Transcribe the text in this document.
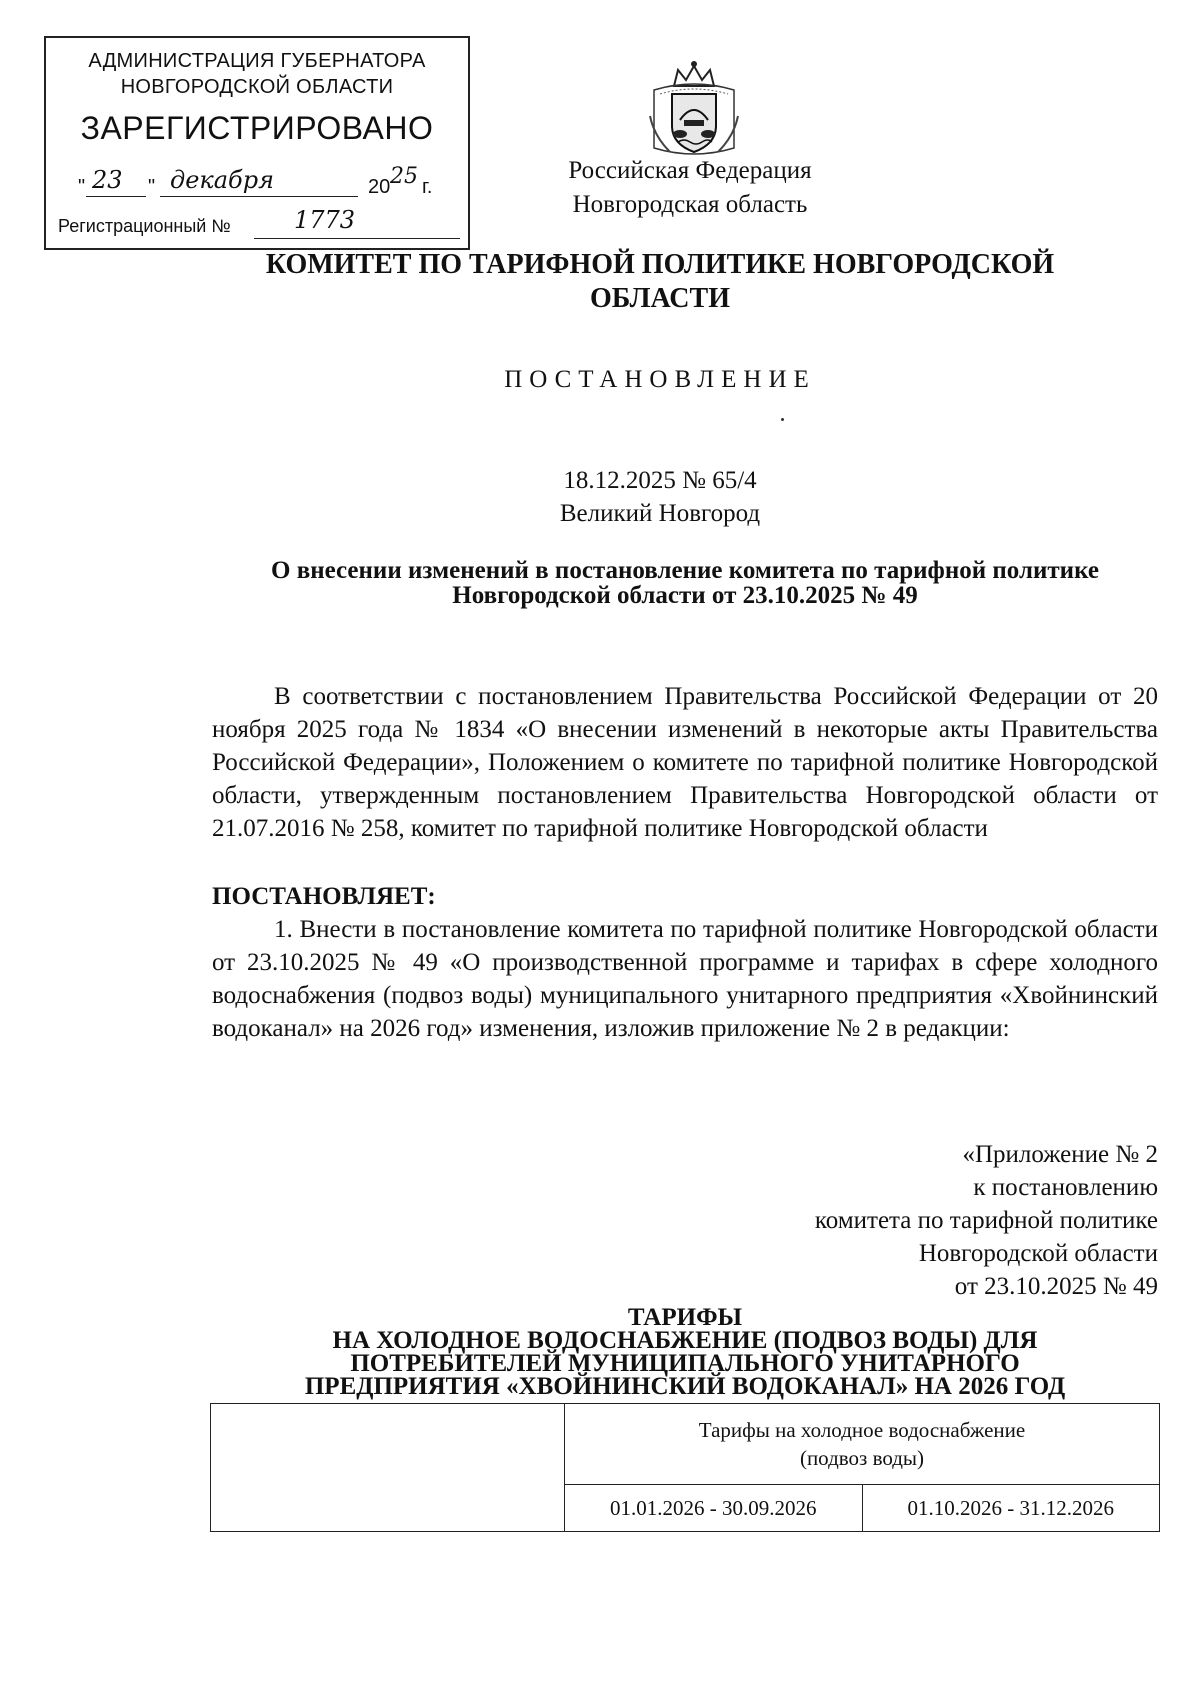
АДМИНИСТРАЦИЯ ГУБЕРНАТОРА
НОВГОРОДСКОЙ ОБЛАСТИ
ЗАРЕГИСТРИРОВАНО
" 23 " декабря	20 25 г.
Регистрационный №	1773
Российская Федерация
Новгородская область
КОМИТЕТ ПО ТАРИФНОЙ ПОЛИТИКЕ НОВГОРОДСКОЙ
ОБЛАСТИ
ПОСТАНОВЛЕНИЕ
18.12.2025 № 65/4
Великий Новгород
О внесении изменений в постановление комитета по тарифной политике
Новгородской области от 23.10.2025 № 49
В соответствии с постановлением Правительства Российской Федерации от 20 ноября 2025 года № 1834 «О внесении изменений в некоторые акты Правительства Российской Федерации», Положением о комитете по тарифной политике Новгородской области, утвержденным постановлением Правительства Новгородской области от 21.07.2016 № 258, комитет по тарифной политике Новгородской области
ПОСТАНОВЛЯЕТ:
1. Внести в постановление комитета по тарифной политике Новгородской области от 23.10.2025 № 49 «О производственной программе и тарифах в сфере холодного водоснабжения (подвоз воды) муниципального унитарного предприятия «Хвойнинский водоканал» на 2026 год» изменения, изложив приложение № 2 в редакции:
«Приложение № 2
к постановлению
комитета по тарифной политике
Новгородской области
от 23.10.2025 № 49
ТАРИФЫ
НА ХОЛОДНОЕ ВОДОСНАБЖЕНИЕ (ПОДВОЗ ВОДЫ) ДЛЯ
ПОТРЕБИТЕЛЕЙ МУНИЦИПАЛЬНОГО УНИТАРНОГО
ПРЕДПРИЯТИЯ «ХВОЙНИНСКИЙ ВОДОКАНАЛ» НА 2026 ГОД

	Тарифы на холодное водоснабжение
(подвоз воды)	

	01.01.2026 - 30.09.2026	01.10.2026 - 31.12.2026
